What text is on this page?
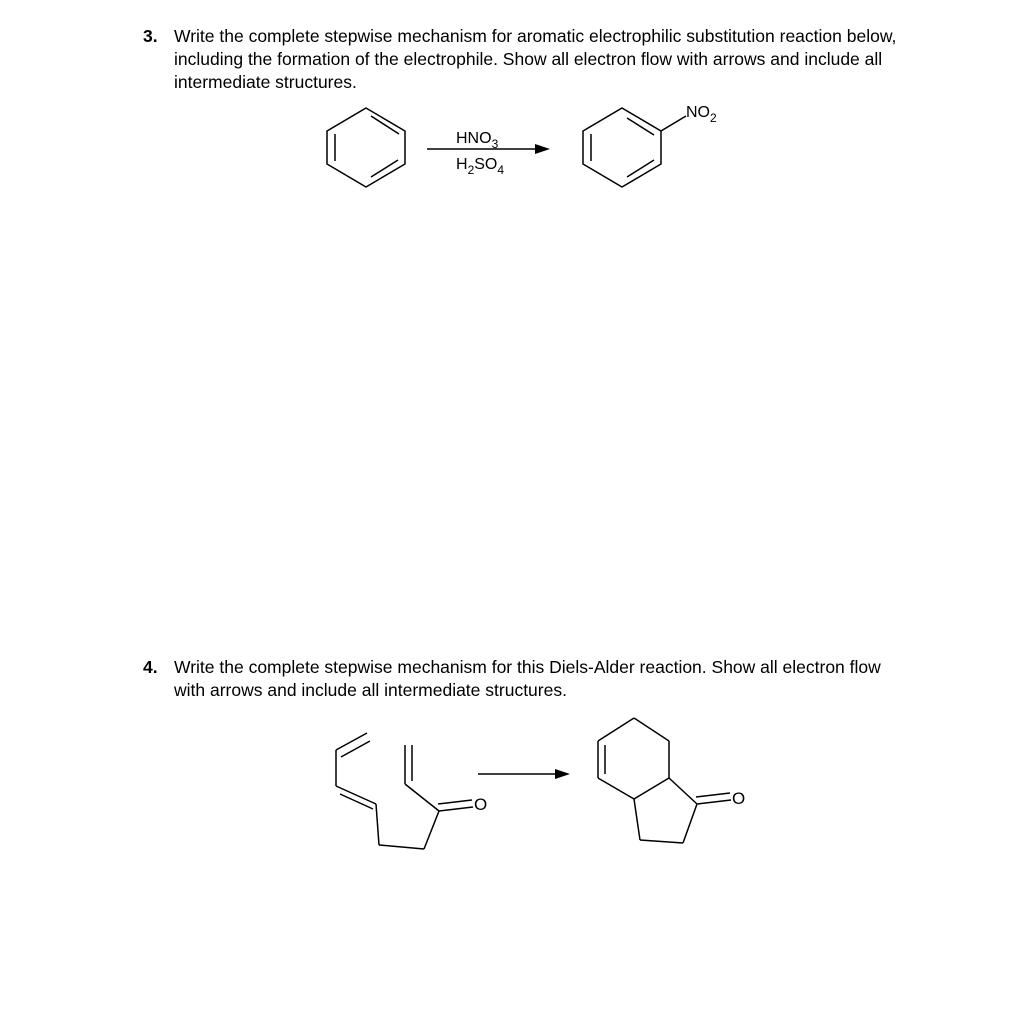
3. Write the complete stepwise mechanism for aromatic electrophilic substitution reaction below, including the formation of the electrophile. Show all electron flow with arrows and include all intermediate structures.
4. Write the complete stepwise mechanism for this Diels-Alder reaction. Show all electron flow with arrows and include all intermediate structures.
$HNO_3$
$H_2SO_4$
$NO_2$
O	O
